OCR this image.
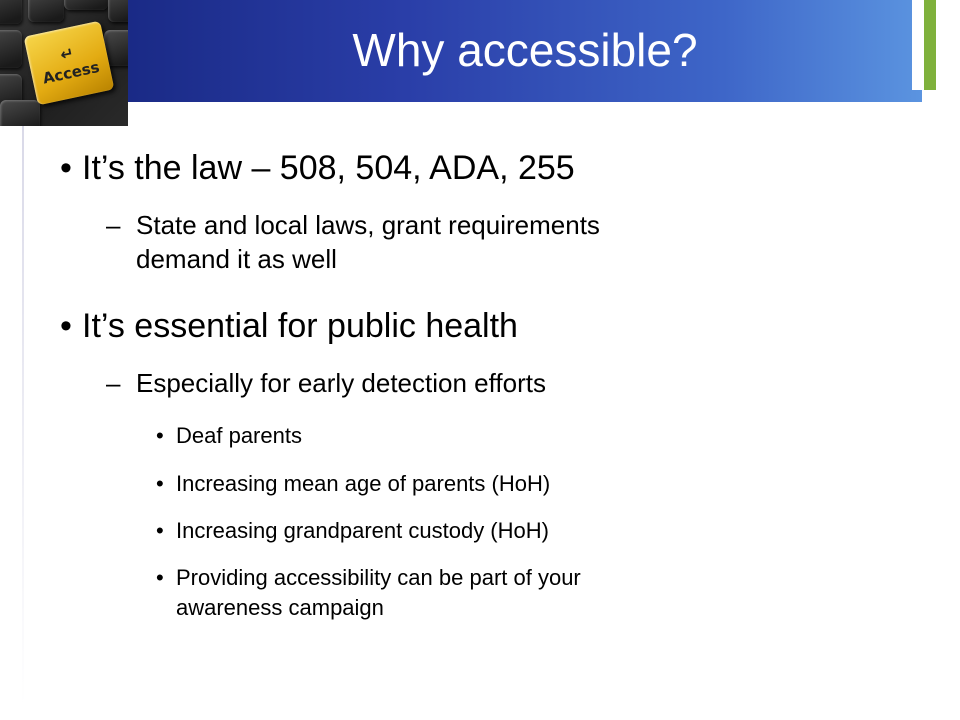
↵
Access	Why accessible?
• It’s the law – 508, 504, ADA, 255
– State and local laws, grant requirements
demand it as well
• It’s essential for public health
– Especially for early detection efforts
• Deaf parents
• Increasing mean age of parents (HoH)
• Increasing grandparent custody (HoH)
• Providing accessibility can be part of your
awareness campaign
